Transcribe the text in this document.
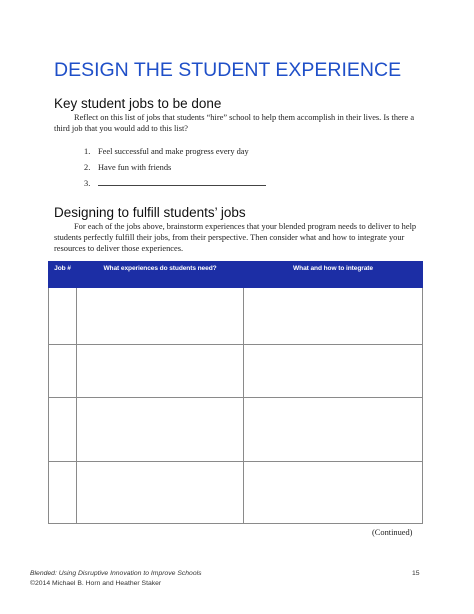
DESIGN THE STUDENT EXPERIENCE
Key student jobs to be done
Reflect on this list of jobs that students “hire” school to help them accomplish in their lives. Is there a third job that you would add to this list?
1. Feel successful and make progress every day
2. Have fun with friends
3.
Designing to fulfill students’ jobs
For each of the jobs above, brainstorm experiences that your blended program needs to deliver to help students perfectly fulfill their jobs, from their perspective. Then consider what and how to integrate your resources to deliver those experiences.
Job #	What experiences do students need?	What and how to integrate

(Continued)
Blended: Using Disruptive Innovation to Improve Schools
©2014 Michael B. Horn and Heather Staker
15
